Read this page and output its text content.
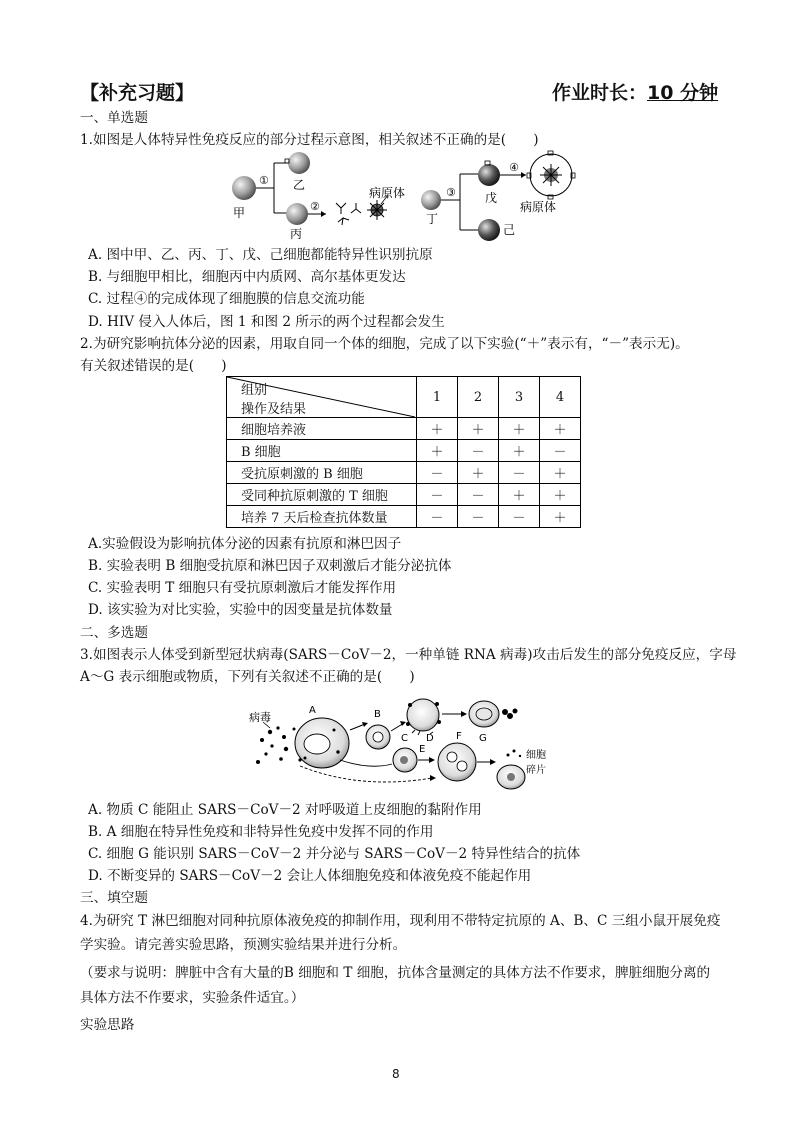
【补充习题】	作业时长：10 分钟
一、单选题
1.如图是人体特异性免疫反应的部分过程示意图，相关叙述不正确的是(　　)
①
②
③
④
甲
乙
丙
病原体
丁
戊
己
病原体
A. 图中甲、乙、丙、丁、戊、己细胞都能特异性识别抗原
B. 与细胞甲相比，细胞丙中内质网、高尔基体更发达
C. 过程④的完成体现了细胞膜的信息交流功能
D. HIV 侵入人体后，图 1 和图 2 所示的两个过程都会发生
2.为研究影响抗体分泌的因素，用取自同一个体的细胞，完成了以下实验(“＋”表示有，“－”表示无)。
有关叙述错误的是(　　)
组别
操作及结果	1	2	3	4
细胞培养液	＋	＋	＋	＋
B 细胞	＋	－	＋	－
受抗原刺激的 B 细胞	－	＋	－	＋
受同种抗原刺激的 T 细胞	－	－	＋	＋
培养 7 天后检查抗体数量	－	－	－	＋
A.实验假设为影响抗体分泌的因素有抗原和淋巴因子
B. 实验表明 B 细胞受抗原和淋巴因子双刺激后才能分泌抗体
C. 实验表明 T 细胞只有受抗原刺激后才能发挥作用
D. 该实验为对比实验，实验中的因变量是抗体数量
二、多选题
3.如图表示人体受到新型冠状病毒(SARS－CoV－2，一种单链 RNA 病毒)攻击后发生的部分免疫反应，字母
A～G 表示细胞或物质，下列有关叙述不正确的是(　　)
病毒
A	B
C D	G
E
F
细胞
碎片
A. 物质 C 能阻止 SARS－CoV－2 对呼吸道上皮细胞的黏附作用
B. A 细胞在特异性免疫和非特异性免疫中发挥不同的作用
C. 细胞 G 能识别 SARS－CoV－2 并分泌与 SARS－CoV－2 特异性结合的抗体
D. 不断变异的 SARS－CoV－2 会让人体细胞免疫和体液免疫不能起作用
三、填空题
4.为研究 T 淋巴细胞对同种抗原体液免疫的抑制作用，现利用不带特定抗原的 A、B、C 三组小鼠开展免疫
学实验。请完善实验思路，预测实验结果并进行分析。
（要求与说明：脾脏中含有大量的B 细胞和 T 细胞，抗体含量测定的具体方法不作要求，脾脏细胞分离的
具体方法不作要求，实验条件适宜。）
实验思路
8
